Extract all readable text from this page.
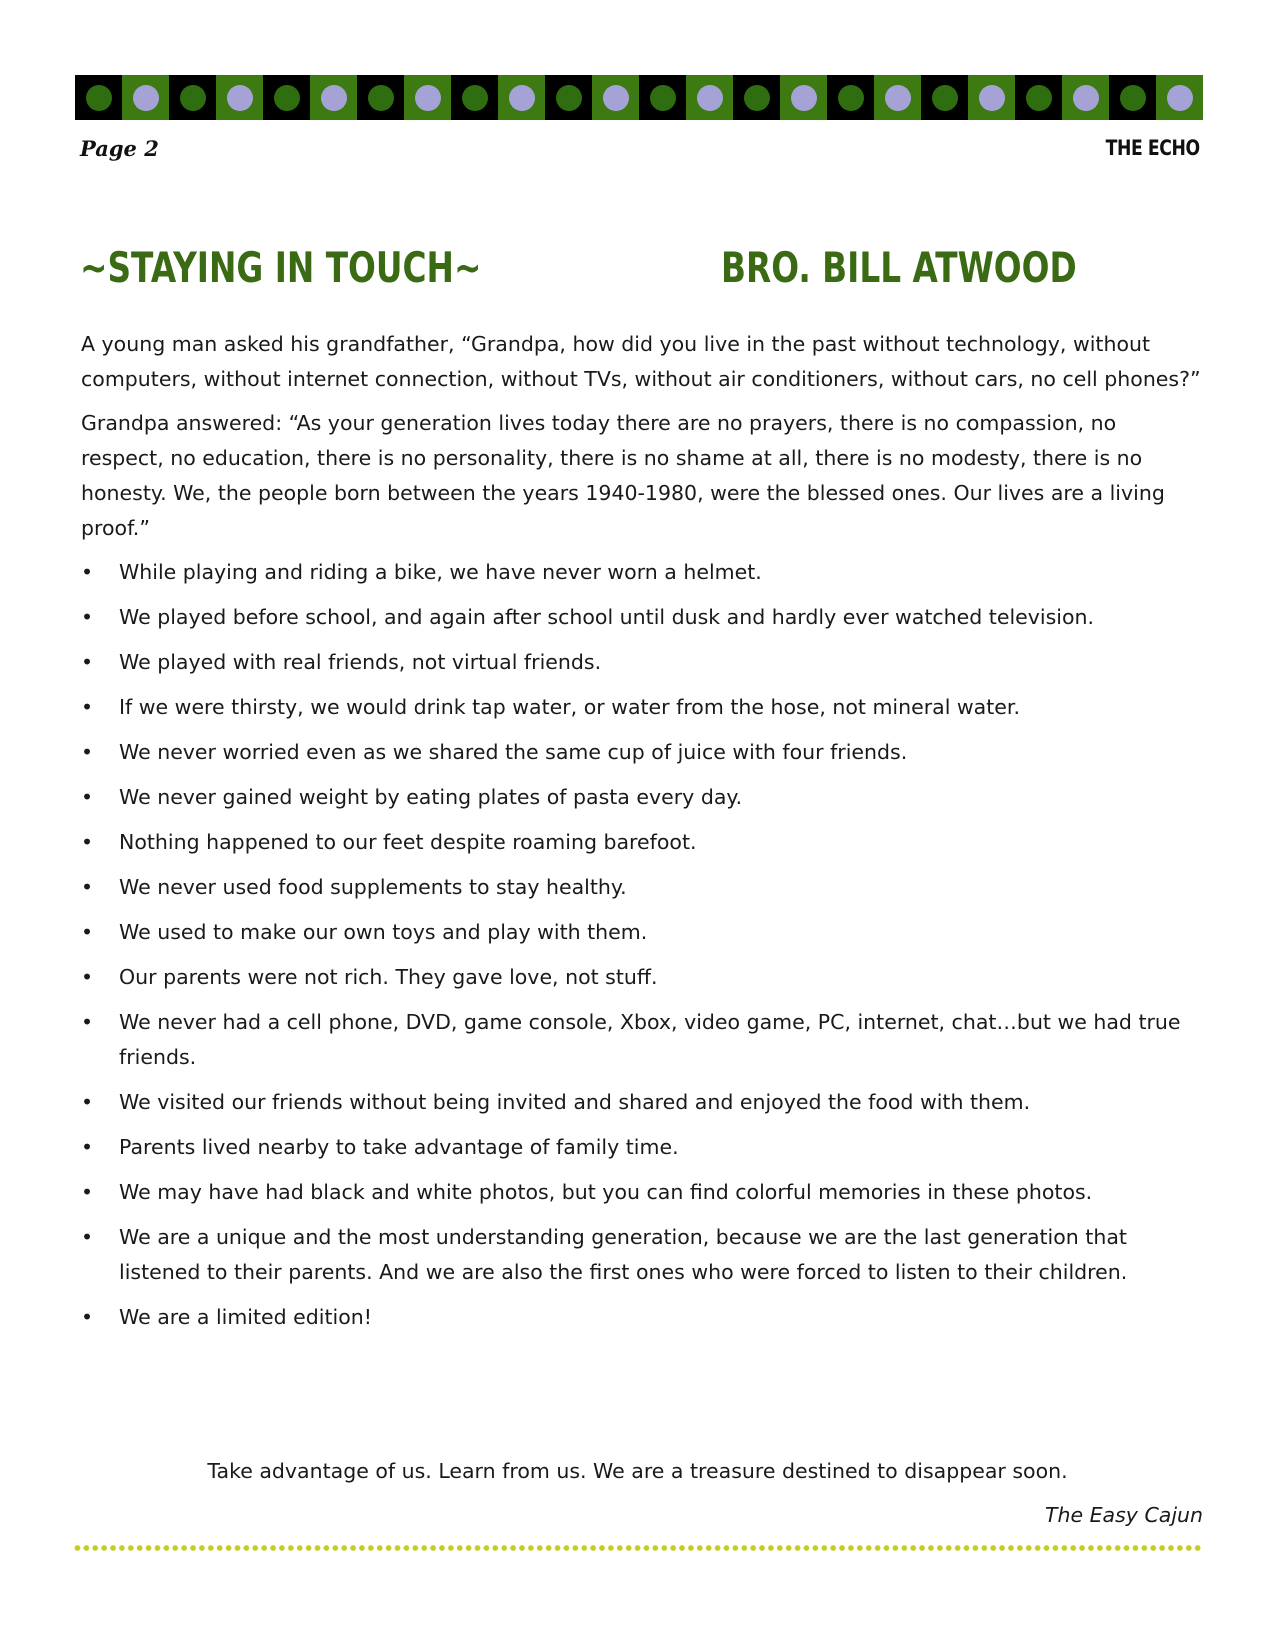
Page 2	THE ECHO
~STAYING IN TOUCH~	BRO. BILL ATWOOD

A young man asked his grandfather, “Grandpa, how did you live in the past without technology, without computers, without internet connection, without TVs, without air conditioners, without cars, no cell phones?”

Grandpa answered: “As your generation lives today there are no prayers, there is no compassion, no respect, no education, there is no personality, there is no shame at all, there is no modesty, there is no honesty. We, the people born between the years 1940-1980, were the blessed ones. Our lives are a living proof.”

•	While playing and riding a bike, we have never worn a helmet.
•	We played before school, and again after school until dusk and hardly ever watched television.
•	We played with real friends, not virtual friends.
•	If we were thirsty, we would drink tap water, or water from the hose, not mineral water.
•	We never worried even as we shared the same cup of juice with four friends.
•	We never gained weight by eating plates of pasta every day.
•	Nothing happened to our feet despite roaming barefoot.
•	We never used food supplements to stay healthy.
•	We used to make our own toys and play with them.
•	Our parents were not rich. They gave love, not stuff.
•	We never had a cell phone, DVD, game console, Xbox, video game, PC, internet, chat…but we had true friends.
•	We visited our friends without being invited and shared and enjoyed the food with them.
•	Parents lived nearby to take advantage of family time.
•	We may have had black and white photos, but you can find colorful memories in these photos.
•	We are a unique and the most understanding generation, because we are the last generation that listened to their parents. And we are also the first ones who were forced to listen to their children.
•	We are a limited edition!
Take advantage of us. Learn from us. We are a treasure destined to disappear soon.
The Easy Cajun
